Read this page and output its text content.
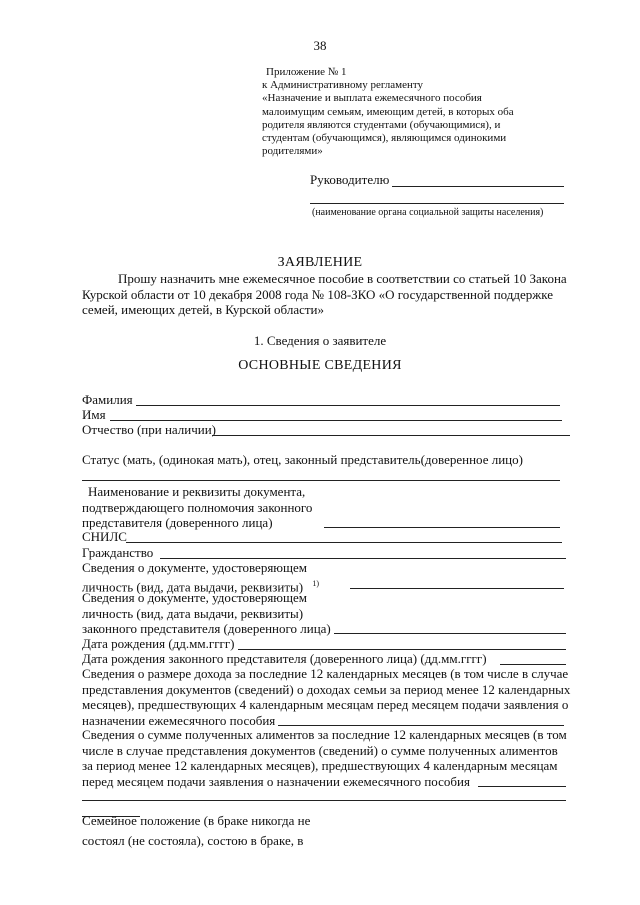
38
Приложение № 1
к Административному регламенту
«Назначение и выплата ежемесячного пособия
малоимущим семьям, имеющим детей, в которых оба
родителя являются студентами (обучающимися), и
студентам (обучающимся), являющимся одинокими
родителями»
Руководителю
(наименование органа социальной защиты населения)
ЗАЯВЛЕНИЕ
Прошу назначить мне ежемесячное пособие в соответствии со статьей 10 Закона
Курской области от 10 декабря 2008 года № 108-ЗКО «О государственной поддержке
семей, имеющих детей, в Курской области»
1. Сведения о заявителе
ОСНОВНЫЕ СВЕДЕНИЯ
Фамилия
Имя
Отчество (при наличии)
Статус (мать, (одинокая мать), отец, законный представитель(доверенное лицо)
Наименование и реквизиты документа,
подтверждающего полномочия законного
представителя (доверенного лица)
СНИЛС
Гражданство
Сведения о документе, удостоверяющем
личность (вид, дата выдачи, реквизиты) $^{1)}$
Сведения о документе, удостоверяющем
личность (вид, дата выдачи, реквизиты)
законного представителя (доверенного лица)
Дата рождения (дд.мм.гггг)
Дата рождения законного представителя (доверенного лица) (дд.мм.гггг)
Сведения о размере дохода за последние 12 календарных месяцев (в том числе в случае
представления документов (сведений) о доходах семьи за период менее 12 календарных
месяцев), предшествующих 4 календарным месяцам перед месяцем подачи заявления о
назначении ежемесячного пособия
Сведения о сумме полученных алиментов за последние 12 календарных месяцев (в том
числе в случае представления документов (сведений) о сумме полученных алиментов
за период менее 12 календарных месяцев), предшествующих 4 календарным месяцам
перед месяцем подачи заявления о назначении ежемесячного пособия
Семейное положение (в браке никогда не
состоял (не состояла), состою в браке, в
